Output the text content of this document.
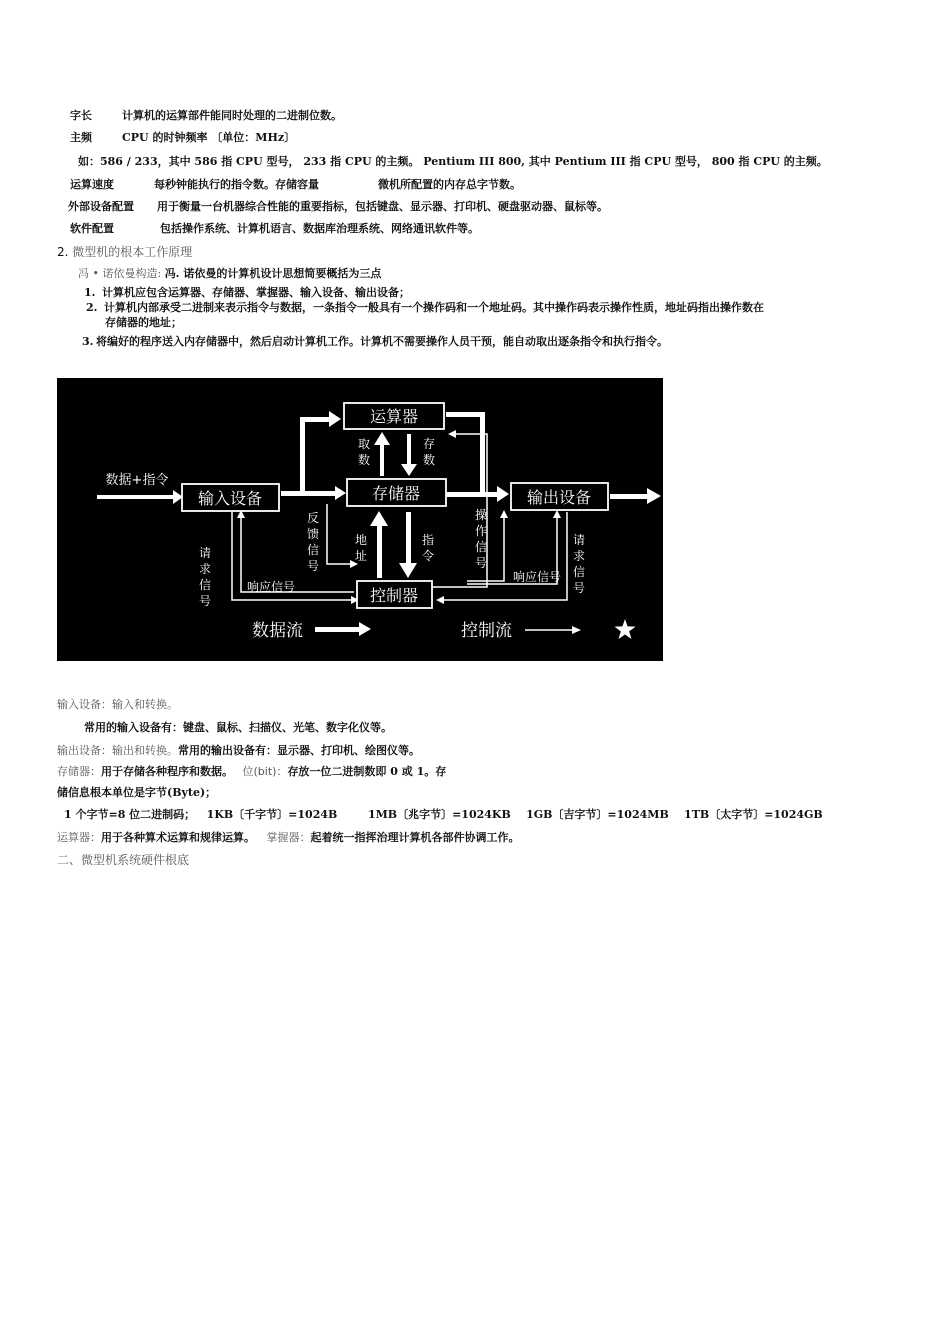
字长	计算机的运算部件能同时处理的二进制位数。
主频	CPU 的时钟频率 〔单位：MHz〕
如：586 / 233，其中 586 指 CPU 型号， 233 指 CPU 的主频。 Pentium III 800, 其中 Pentium III 指 CPU 型号， 800 指 CPU 的主频。
运算速度	每秒钟能执行的指令数。存储容量	微机所配置的内存总字节数。
外部设备配置 用于衡量一台机器综合性能的重要指标，包括键盘、显示器、打印机、硬盘驱动器、鼠标等。
软件配置	包括操作系统、计算机语言、数据库治理系统、网络通讯软件等。
2. 微型机的根本工作原理
冯 • 诺依曼构造: 冯. 诺依曼的计算机设计思想简要概括为三点
1. 计算机应包含运算器、存储器、掌握器、输入设备、输出设备；
2. 计算机内部承受二进制来表示指令与数据，一条指令一般具有一个操作码和一个地址码。其中操作码表示操作性质，地址码指出操作数在
存储器的地址；
3. 将编好的程序送入内存储器中，然后启动计算机工作。计算机不需要操作人员干预，能自动取出逐条指令和执行指令。
运算器
存储器
输入设备	输出设备
控制器
数据+指令
响应信号
响应信号
取数
存数
反馈信号
请求信号
地址
指令
操作信号
请求信号
数据流	控制流
输入设备：输入和转换。
常用的输入设备有：键盘、鼠标、扫描仪、光笔、数字化仪等。
输出设备：输出和转换。常用的输出设备有：显示器、打印机、绘图仪等。
存储器：用于存储各种程序和数据。 位(bit)：存放一位二进制数即 0 或 1。存
储信息根本单位是字节(Byte)；
1 个字节=8 位二进制码；   1KB〔千字节〕=1024B        1MB〔兆字节〕=1024KB    1GB〔吉字节〕=1024MB    1TB〔太字节〕=1024GB
运算器：用于各种算术运算和规律运算。 掌握器：起着统一指挥治理计算机各部件协调工作。
二、微型机系统硬件根底
